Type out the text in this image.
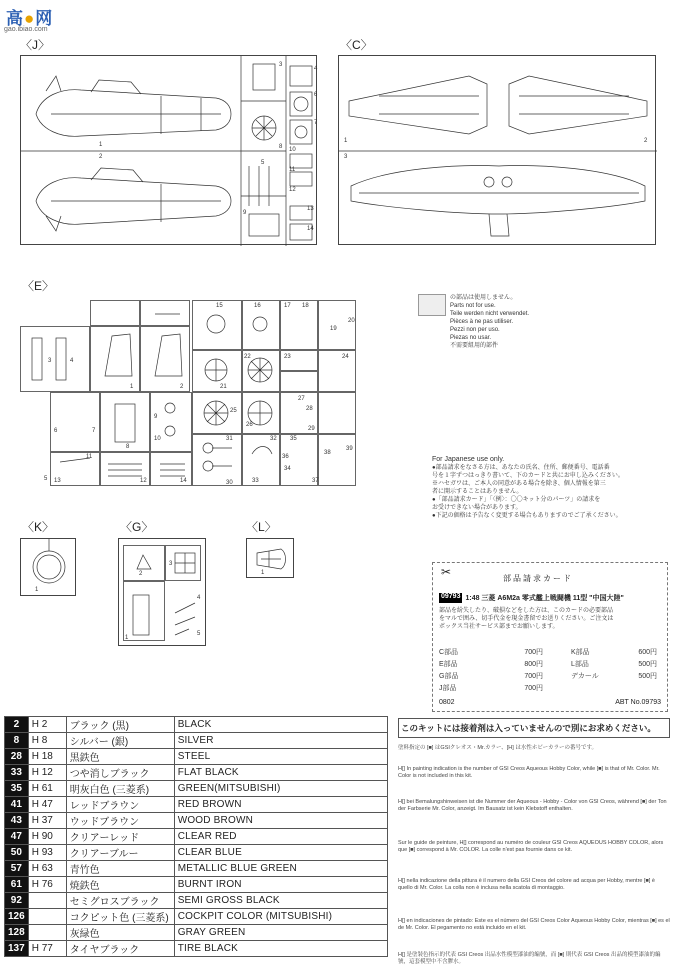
高●网
gao.ibiao.com
〈J〉
1
2
3
4
5
6
7
8
9
10
11
12
13
14
〈C〉
1	2
3
〈E〉
3	4
1	2
6	7
8
9
10
11
12
13	14
15	16	17 18
19
20
21
22	23	24
25
26
27
28
29
30
31	32
33
34
35
36
37
38
39
5
の部品は使用しません。
Parts not for use.
Teile werden nicht verwendet.
Pièces à ne pas utiliser.
Pezzi non per uso.
Piezas no usar.
不需要組用的部件
For Japanese use only.
●部品請求をなさる方は、あなたの氏名、住所、郵便番号、電話番
号を１字ずつはっきり書いて、下のカードと共にお申し込みください。
※ハセガワは、ご本人の同意がある場合を除き、個人情報を第三
者に開示することはありません。
●「部品請求カード」「〈例〉：〇〇キット分のパーツ」の請求を
お受けできない場合があります。
●下記の価格は予告なく変更する場合もありますのでご了承ください。
✂	部品請求カード
09793 1:48 三菱 A6M2a 零式艦上戦闘機 11型 "中国大陸"
部品を紛失したり、破損などをした方は、このカードの必要部品
をマルで囲み、切手代金を現金書留でお送りください。ご注文は
ボックス当社サービス部までお願いします。
C部品	700円	K部品	600円
E部品	800円	L部品	500円
G部品	700円	デカール	500円
J部品	700円
0802	ABT No.09793
〈K〉
1
〈G〉
2
3
1
4
5
〈L〉
1
2	H 2	ブラック (黒)	BLACK
8	H 8	シルバー (銀)	SILVER
28	H 18	黒鉄色	STEEL
33	H 12	つや消しブラック	FLAT BLACK
35	H 61	明灰白色 (三菱系)	GREEN(MITSUBISHI)
41	H 47	レッドブラウン	RED BROWN
43	H 37	ウッドブラウン	WOOD BROWN
47	H 90	クリアーレッド	CLEAR RED
50	H 93	クリアーブルー	CLEAR BLUE
57	H 63	青竹色	METALLIC BLUE GREEN
61	H 76	焼鉄色	BURNT IRON
92		セミグロスブラック	SEMI GROSS BLACK
126		コクピット色 (三菱系)	COCKPIT COLOR (MITSUBISHI)
128		灰緑色	GRAY GREEN
137	H 77	タイヤブラック	TIRE BLACK
このキットには接着剤は入っていませんので別にお求めください。
塗料指定の [■] はGSIクレオス・Mr.カラー、[H] は水性ホビーカラーの番号です。
H[] In painting indication is the number of GSI Creos Aqueous Hobby Color, while [■] is that of Mr. Color. Mr. Color is not included in this kit.
H[] bei Bemalungshinweisen ist die Nummer der Aqueous - Hobby - Color von GSI Creos, während [■] der Ton der Farbserie Mr. Color, anzeigt. Im Bausatz ist kein Klebstoff enthalten.
Sur le guide de peinture, H[] correspond au numéro de couleur GSI Creos AQUEOUS HOBBY COLOR, alors que [■] correspond à Mr. COLOR. La colle n'est pas fournie dans ce kit.
H[] nella indicazione della pittura è il numero della GSI Creos del colore ad acqua per Hobby, mentre [■] è quello di Mr. Color. La colla non è inclusa nella scatola di montaggio.
H[] en indicaciones de pintado: Este es el número del GSI Creos Color Aqueous Hobby Color, mientras [■] es el de Mr. Color. El pegamento no está incluido en el kit.
H[] 是塗裝色指示的代表 GSI Creos 出品水性模型漆油的編號，而 [■] 則代表 GSI Creos 出品的模型漆油的編號，這套模型中不含膠水。
